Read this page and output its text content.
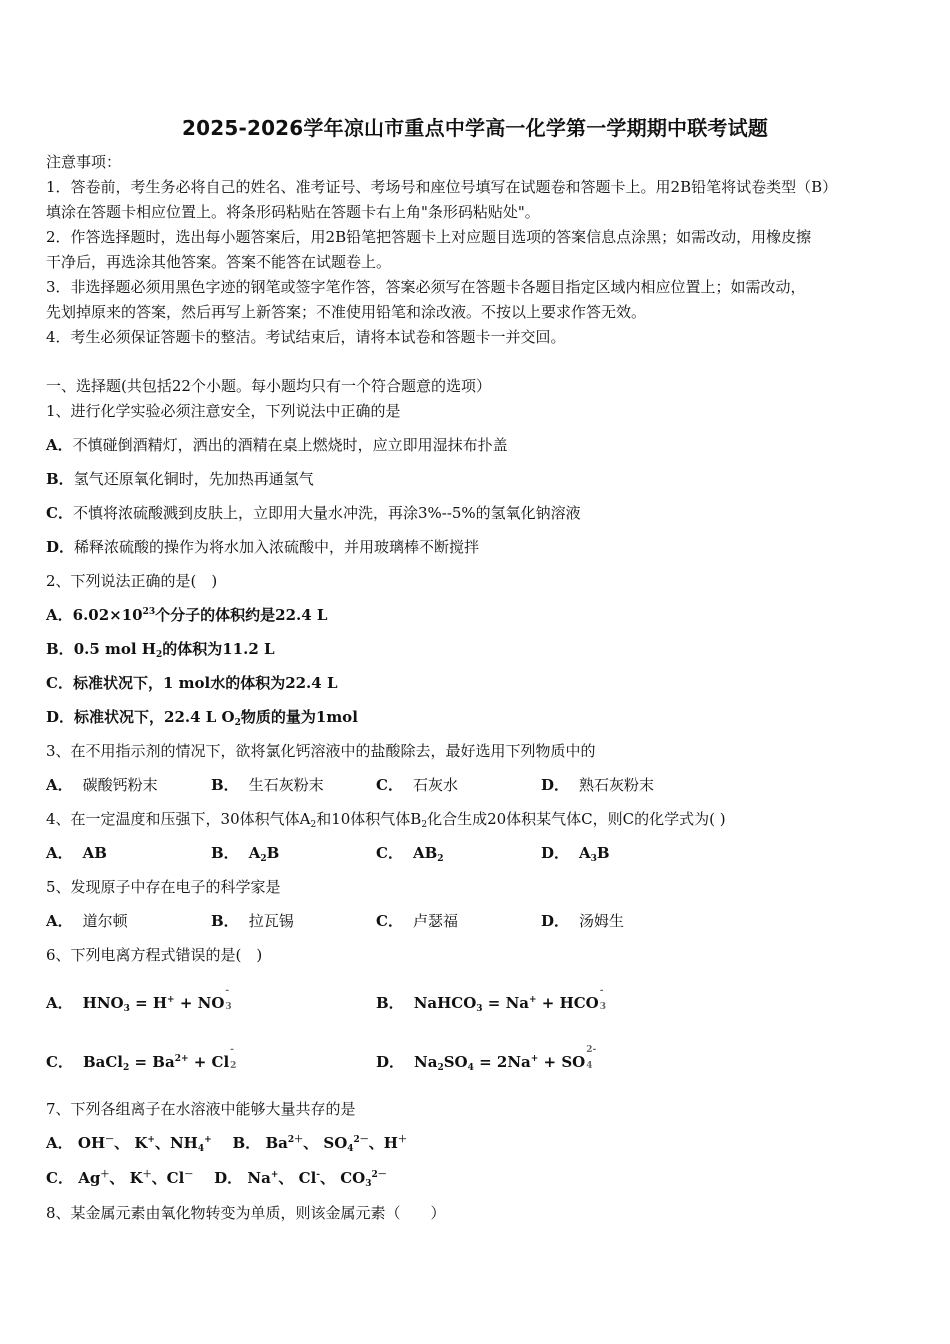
2025-2026学年凉山市重点中学高一化学第一学期期中联考试题
注意事项：
1．答卷前，考生务必将自己的姓名、准考证号、考场号和座位号填写在试题卷和答题卡上。用2B铅笔将试卷类型（B）
填涂在答题卡相应位置上。将条形码粘贴在答题卡右上角"条形码粘贴处"。
2．作答选择题时，选出每小题答案后，用2B铅笔把答题卡上对应题目选项的答案信息点涂黑；如需改动，用橡皮擦
干净后，再选涂其他答案。答案不能答在试题卷上。
3．非选择题必须用黑色字迹的钢笔或签字笔作答，答案必须写在答题卡各题目指定区域内相应位置上；如需改动，
先划掉原来的答案，然后再写上新答案；不准使用铅笔和涂改液。不按以上要求作答无效。
4．考生必须保证答题卡的整洁。考试结束后，请将本试卷和答题卡一并交回。
一、选择题(共包括22个小题。每小题均只有一个符合题意的选项）
1、进行化学实验必须注意安全，下列说法中正确的是
A．不慎碰倒酒精灯，洒出的酒精在桌上燃烧时，应立即用湿抹布扑盖
B．氢气还原氧化铜时，先加热再通氢气
C．不慎将浓硫酸溅到皮肤上，立即用大量水冲洗，再涂3%--5%的氢氧化钠溶液
D．稀释浓硫酸的操作为将水加入浓硫酸中，并用玻璃棒不断搅拌
2、下列说法正确的是(　)
A．$6.02\times 10^{23}$个分子的体积约是22.4 L
B．0.5 mol $H_2$的体积为11.2 L
C．标准状况下，1 mol水的体积为22.4 L
D．标准状况下，22.4 L $O_2$物质的量为1mol
3、在不用指示剂的情况下，欲将氯化钙溶液中的盐酸除去，最好选用下列物质中的
A． 碳酸钙粉末	B． 生石灰粉末	C． 石灰水	D． 熟石灰粉末
4、在一定温度和压强下，30体积气体$A_2$和10体积气体$B_2$化合生成20体积某气体C，则C的化学式为( )
A． AB	B． $A_2B$	C． $AB_2$	D． $A_3B$
5、发现原子中存在电子的科学家是
A． 道尔顿	B． 拉瓦锡	C． 卢瑟福	D． 汤姆生
6、下列电离方程式错误的是(　)
A． $HNO_3 = H^+$ + NO
-
3	B． NaHCO$_3$ = Na+ + HCO
-
3
C． BaCl$_2$ = $Ba^{2+} + Cl$
-
2	D． $Na_2SO_4 = 2Na^+$ + SO
2-
4
7、下列各组离子在水溶液中能够大量共存的是
A． OH－、 K+、$NH_4^+$ B． $Ba^{2+}$、 $SO_4^{2-}$、H＋
C． Ag＋、 K＋、Cl－ D． Na+、 Cl-、 $CO_3^{2-}$
8、某金属元素由氧化物转变为单质，则该金属元素（　　）
